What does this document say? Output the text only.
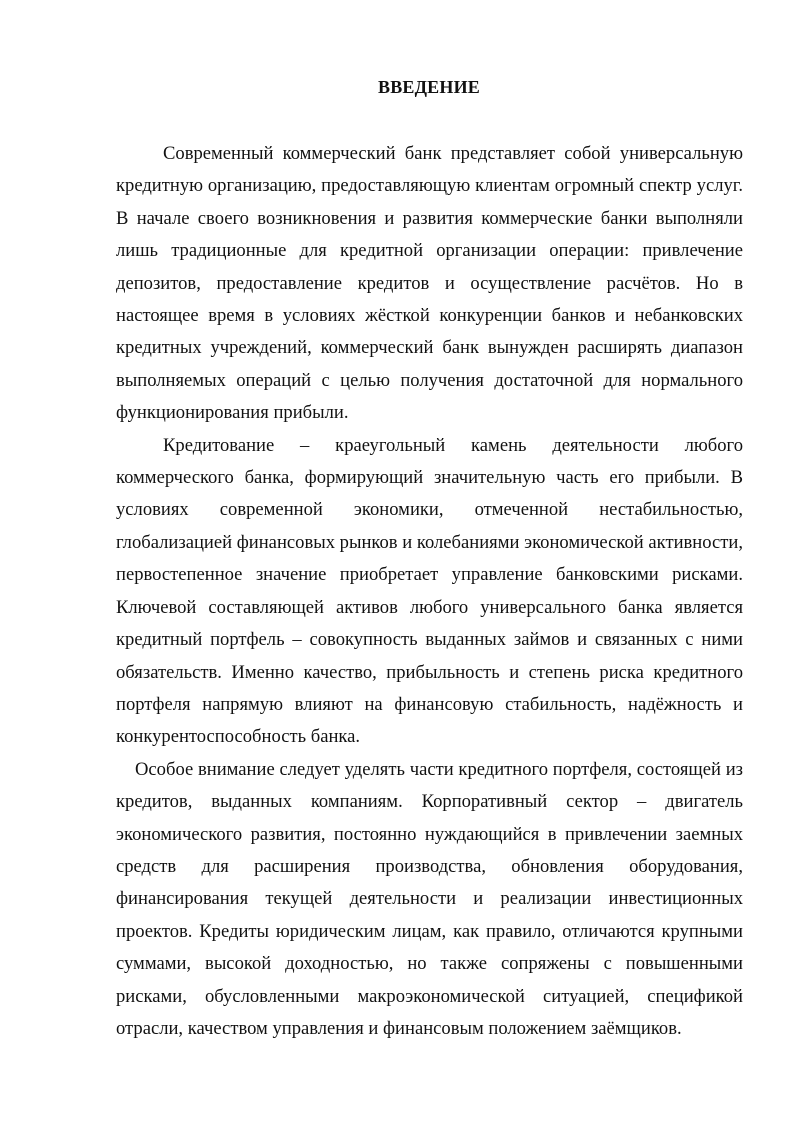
ВВЕДЕНИЕ

Современный коммерческий банк представляет собой универсальную кредитную организацию, предоставляющую клиентам огромный спектр услуг. В начале своего возникновения и развития коммерческие банки выполняли лишь традиционные для кредитной организации операции: привлечение депозитов, предоставление кредитов и осуществление расчётов. Но в настоящее время в условиях жёсткой конкуренции банков и небанковских кредитных учреждений, коммерческий банк вынужден расширять диапазон выполняемых операций с целью получения достаточной для нормального функционирования прибыли.

Кредитование – краеугольный камень деятельности любого коммерческого банка, формирующий значительную часть его прибыли. В условиях современной экономики, отмеченной нестабильностью, глобализацией финансовых рынков и колебаниями экономической активности, первостепенное значение приобретает управление банковскими рисками. Ключевой составляющей активов любого универсального банка является кредитный портфель – совокупность выданных займов и связанных с ними обязательств. Именно качество, прибыльность и степень риска кредитного портфеля напрямую влияют на финансовую стабильность, надёжность и конкурентоспособность банка.

Особое внимание следует уделять части кредитного портфеля, состоящей из кредитов, выданных компаниям. Корпоративный сектор – двигатель экономического развития, постоянно нуждающийся в привлечении заемных средств для расширения производства, обновления оборудования, финансирования текущей деятельности и реализации инвестиционных проектов. Кредиты юридическим лицам, как правило, отличаются крупными суммами, высокой доходностью, но также сопряжены с повышенными рисками, обусловленными макроэкономической ситуацией, спецификой отрасли, качеством управления и финансовым положением заёмщиков.
